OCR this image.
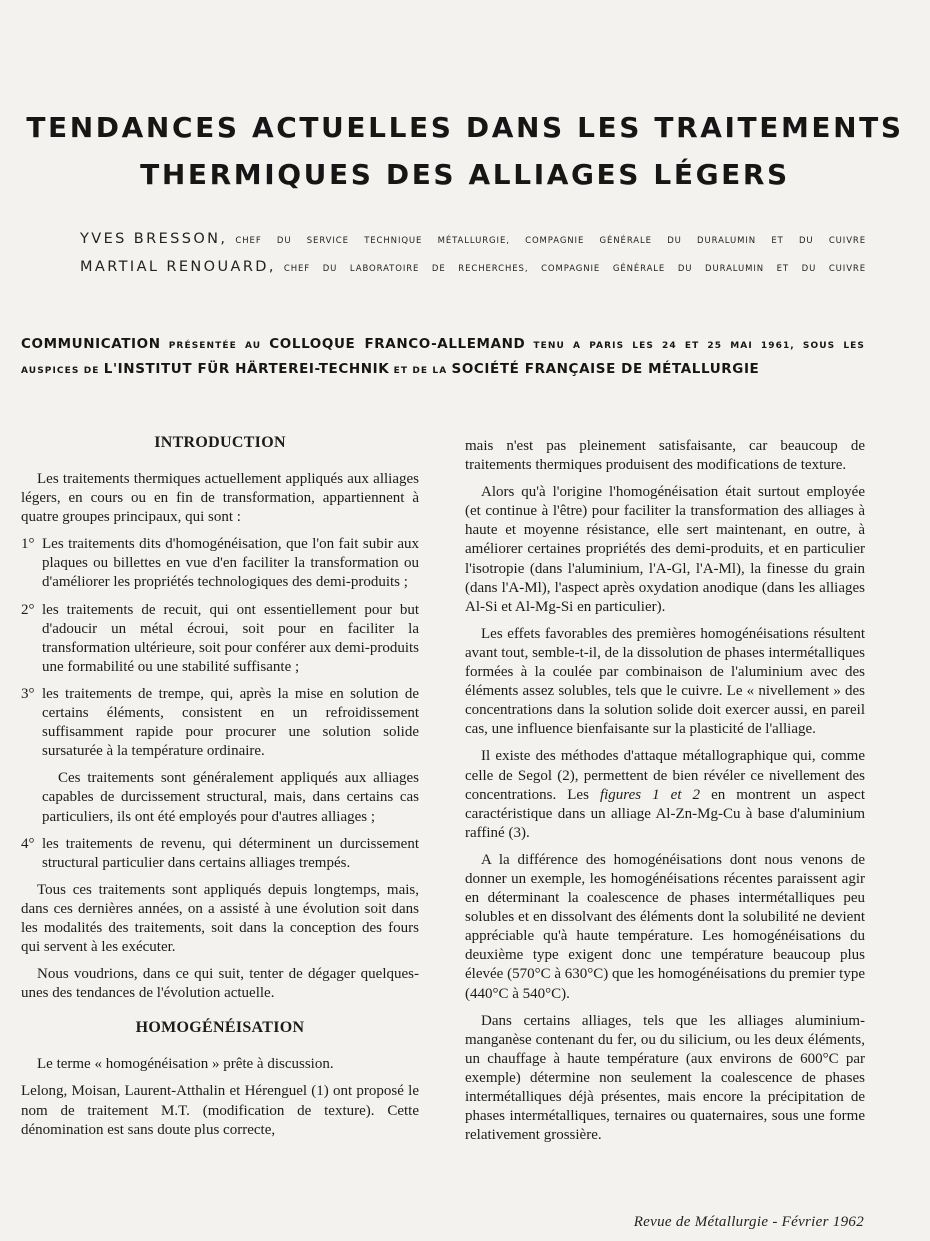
TENDANCES ACTUELLES DANS LES TRAITEMENTS
THERMIQUES DES ALLIAGES LÉGERS
YVES BRESSON, CHEF DU SERVICE TECHNIQUE MÉTALLURGIE, COMPAGNIE GÉNÉRALE DU DURALUMIN ET DU CUIVRE
MARTIAL RENOUARD, CHEF DU LABORATOIRE DE RECHERCHES, COMPAGNIE GÉNÉRALE DU DURALUMIN ET DU CUIVRE
COMMUNICATION PRÉSENTÉE AU COLLOQUE FRANCO-ALLEMAND TENU A PARIS LES 24 ET 25 MAI 1961, SOUS LES AUSPICES DE L'INSTITUT FÜR HÄRTEREI-TECHNIK ET DE LA SOCIÉTÉ FRANÇAISE DE MÉTALLURGIE
INTRODUCTION

Les traitements thermiques actuellement appliqués aux alliages légers, en cours ou en fin de transformation, appartiennent à quatre groupes principaux, qui sont :

1° Les traitements dits d'homogénéisation, que l'on fait subir aux plaques ou billettes en vue d'en faciliter la transformation ou d'améliorer les propriétés technologiques des demi-produits ;
2° les traitements de recuit, qui ont essentiellement pour but d'adoucir un métal écroui, soit pour en faciliter la transformation ultérieure, soit pour conférer aux demi-produits une formabilité ou une stabilité suffisante ;
3° les traitements de trempe, qui, après la mise en solution de certains éléments, consistent en un refroidissement suffisamment rapide pour procurer une solution solide sursaturée à la température ordinaire.
Ces traitements sont généralement appliqués aux alliages capables de durcissement structural, mais, dans certains cas particuliers, ils ont été employés pour d'autres alliages ;
4° les traitements de revenu, qui déterminent un durcissement structural particulier dans certains alliages trempés.

Tous ces traitements sont appliqués depuis longtemps, mais, dans ces dernières années, on a assisté à une évolution soit dans les modalités des traitements, soit dans la conception des fours qui servent à les exécuter.

Nous voudrions, dans ce qui suit, tenter de dégager quelques-unes des tendances de l'évolution actuelle.

HOMOGÉNÉISATION

Le terme « homogénéisation » prête à discussion.

Lelong, Moisan, Laurent-Atthalin et Hérenguel (1) ont proposé le nom de traitement M.T. (modification de texture). Cette dénomination est sans doute plus correcte,

mais n'est pas pleinement satisfaisante, car beaucoup de traitements thermiques produisent des modifications de texture.

Alors qu'à l'origine l'homogénéisation était surtout employée (et continue à l'être) pour faciliter la transformation des alliages à haute et moyenne résistance, elle sert maintenant, en outre, à améliorer certaines propriétés des demi-produits, et en particulier l'isotropie (dans l'aluminium, l'A-Gl, l'A-Ml), la finesse du grain (dans l'A-Ml), l'aspect après oxydation anodique (dans les alliages Al-Si et Al-Mg-Si en particulier).

Les effets favorables des premières homogénéisations résultent avant tout, semble-t-il, de la dissolution de phases intermétalliques formées à la coulée par combinaison de l'aluminium avec des éléments assez solubles, tels que le cuivre. Le « nivellement » des concentrations dans la solution solide doit exercer aussi, en pareil cas, une influence bienfaisante sur la plasticité de l'alliage.

Il existe des méthodes d'attaque métallographique qui, comme celle de Segol (2), permettent de bien révéler ce nivellement des concentrations. Les figures 1 et 2 en montrent un aspect caractéristique dans un alliage Al-Zn-Mg-Cu à base d'aluminium raffiné (3).

A la différence des homogénéisations dont nous venons de donner un exemple, les homogénéisations récentes paraissent agir en déterminant la coalescence de phases intermétalliques peu solubles et en dissolvant des éléments dont la solubilité ne devient appréciable qu'à haute température. Les homogénéisations du deuxième type exigent donc une température beaucoup plus élevée (570°C à 630°C) que les homogénéisations du premier type (440°C à 540°C).

Dans certains alliages, tels que les alliages aluminium-manganèse contenant du fer, ou du silicium, ou les deux éléments, un chauffage à haute température (aux environs de 600°C par exemple) détermine non seulement la coalescence de phases intermétalliques déjà présentes, mais encore la précipitation de phases intermétalliques, ternaires ou quaternaires, sous une forme relativement grossière.

Revue de Métallurgie - Février 1962
